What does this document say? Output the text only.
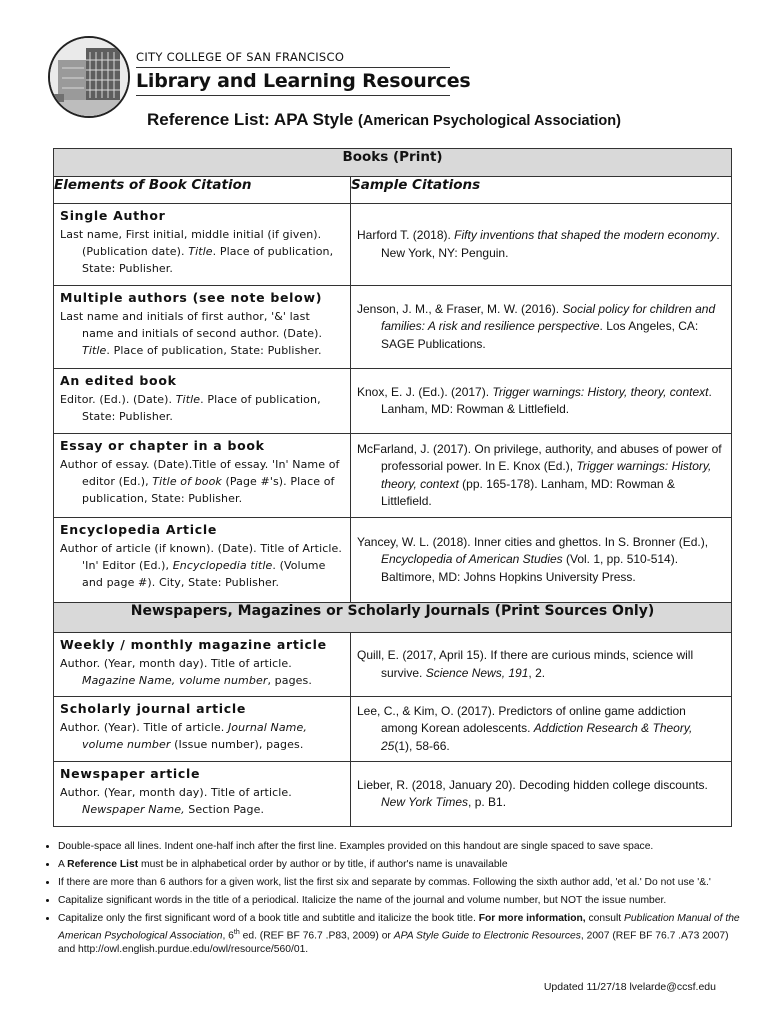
CITY COLLEGE OF SAN FRANCISCO
Library and Learning Resources
Reference List: APA Style (American Psychological Association)
Books (Print)	
Elements of Book Citation	Sample Citations

Single Author
Last name, First initial, middle initial (if given). (Publication date). Title. Place of publication, State: Publisher.	Harford T. (2018). Fifty inventions that shaped the modern economy. New York, NY: Penguin.

Multiple authors (see note below)
Last name and initials of first author, '&' last name and initials of second author. (Date). Title. Place of publication, State: Publisher.	Jenson, J. M., & Fraser, M. W. (2016). Social policy for children and families: A risk and resilience perspective. Los Angeles, CA: SAGE Publications.

An edited book
Editor. (Ed.). (Date). Title. Place of publication, State: Publisher.	Knox, E. J. (Ed.). (2017). Trigger warnings: History, theory, context. Lanham, MD: Rowman & Littlefield.

Essay or chapter in a book
Author of essay. (Date).Title of essay. 'In' Name of editor (Ed.), Title of book (Page #'s). Place of publication, State: Publisher.	McFarland, J. (2017). On privilege, authority, and abuses of power of professorial power. In E. Knox (Ed.), Trigger warnings: History, theory, context (pp. 165-178). Lanham, MD: Rowman & Littlefield.

Encyclopedia Article
Author of article (if known). (Date). Title of Article. 'In' Editor (Ed.), Encyclopedia title. (Volume and page #). City, State: Publisher.	Yancey, W. L. (2018). Inner cities and ghettos. In S. Bronner (Ed.), Encyclopedia of American Studies (Vol. 1, pp. 510-514). Baltimore, MD: Johns Hopkins University Press.

Newspapers, Magazines or Scholarly Journals (Print Sources Only)	

Weekly / monthly magazine article
Author. (Year, month day). Title of article. Magazine Name, volume number, pages.	Quill, E. (2017, April 15). If there are curious minds, science will survive. Science News, 191, 2.

Scholarly journal article
Author. (Year). Title of article. Journal Name, volume number (Issue number), pages.	Lee, C., & Kim, O. (2017). Predictors of online game addiction among Korean adolescents. Addiction Research & Theory, 25(1), 58-66.

Newspaper article
Author. (Year, month day). Title of article. Newspaper Name, Section Page.	Lieber, R. (2018, January 20). Decoding hidden college discounts. New York Times, p. B1.
• Double-space all lines. Indent one-half inch after the first line. Examples provided on this handout are single spaced to save space.
• A Reference List must be in alphabetical order by author or by title, if author's name is unavailable
• If there are more than 6 authors for a given work, list the first six and separate by commas. Following the sixth author add, 'et al.' Do not use '&.'
• Capitalize significant words in the title of a periodical. Italicize the name of the journal and volume number, but NOT the issue number.
• Capitalize only the first significant word of a book title and subtitle and italicize the book title. For more information, consult Publication Manual of the American Psychological Association, 6th ed. (REF BF 76.7 .P83, 2009) or APA Style Guide to Electronic Resources, 2007 (REF BF 76.7 .A73 2007) and http://owl.english.purdue.edu/owl/resource/560/01.
Updated 11/27/18 lvelarde@ccsf.edu
